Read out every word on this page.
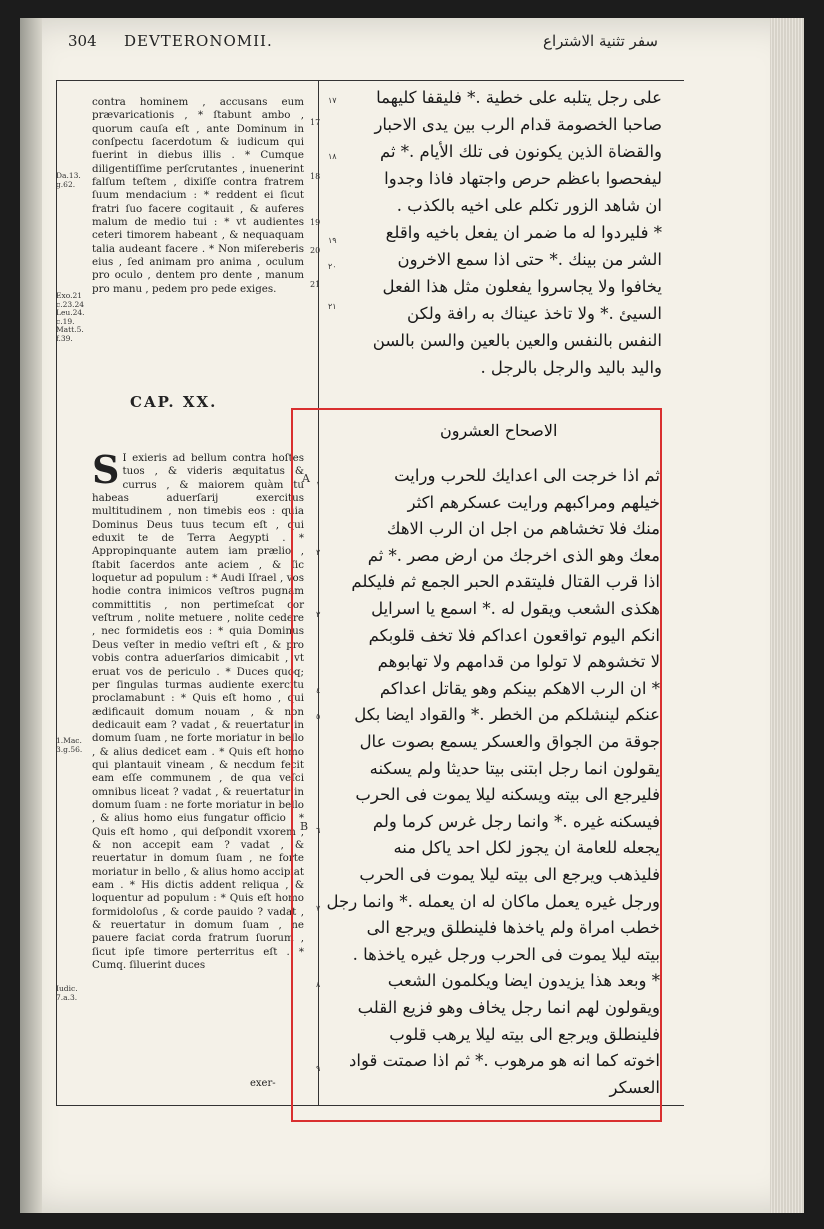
304 DEVTERONOMII.	سفر تثنية الاشتراع

contra hominem , accusans eum prævaricationis , * ſtabunt ambo , quorum cauſa eſt , ante Dominum in conſpectu ſacerdotum & iudicum qui fuerint in diebus illis . * Cumque diligentiſſime perſcrutantes , inuenerint falſum teſtem , dixiſſe contra fratrem ſuum mendacium : * reddent ei ſicut fratri ſuo facere cogitauit , & auferes malum de medio tui : * vt audientes ceteri timorem habeant , & nequaquam talia audeant facere . * Non miſereberis eius , ſed animam pro anima , oculum pro oculo , dentem pro dente , manum pro manu , pedem pro pede exiges.

CAP. XX.
S I exieris ad bellum contra hoſtes tuos , & videris æquitatus & currus , & maiorem quàm tu habeas aduerſarij exercitus multitudinem , non timebis eos : quia Dominus Deus tuus tecum eſt , qui eduxit te de Terra Aegypti . * Appropinquante autem iam prælio , ſtabit ſacerdos ante aciem , & ſic loquetur ad populum : * Audi Iſrael , vos hodie contra inimicos veſtros pugnam committitis , non pertimeſcat cor veſtrum , nolite metuere , nolite cedere , nec formidetis eos : * quia Dominus Deus veſter in medio veſtri eſt , & pro vobis contra aduerſarios dimicabit , vt eruat vos de periculo . * Duces quoq; per ſingulas turmas audiente exercitu proclamabunt : * Quis eſt homo , qui ædificauit domum nouam , & non dedicauit eam ? vadat , & reuertatur in domum ſuam , ne forte moriatur in bello , & alius dedicet eam . * Quis eſt homo qui plantauit vineam , & necdum fecit eam eſſe communem , de qua veſci omnibus liceat ? vadat , & reuertatur in domum ſuam : ne forte moriatur in bello , & alius homo eius fungatur officio . * Quis eſt homo , qui deſpondit vxorem , & non accepit eam ? vadat , & reuertatur in domum ſuam , ne forte moriatur in bello , & alius homo accipiat eam . * His dictis addent reliqua , & loquentur ad populum : * Quis eſt homo formidoloſus , & corde pauido ? vadat , & reuertatur in domum ſuam , ne pauere faciat corda fratrum ſuorum , ſicut ipſe timore perterritus eſt . * Cumq. ſiluerint duces
exer-
Da.13. g.62.
Exo.21 c.23.24 Leu.24. c.19. Matt.5. f.39.
1.Mac. 3.g.56.
Iudic. 7.a.3.
17
18
19
20
21
A
B
١٧
١٨
١٩
٢٠
٢١
١
٢
٣
٤
٥
٦
٧
٨
٩
على رجل يتلبه على خطية .* فليقفا كليهما
صاحبا الخصومة قدام الرب بين يدى الاحبار
والقضاة الذين يكونون فى تلك الأيام .* ثم
ليفحصوا باعظم حرص واجتهاد فاذا وجدوا
ان شاهد الزور تكلم على اخيه بالكذب .
* فليردوا له ما ضمر ان يفعل باخيه واقلع
الشر من بينك .* حتى اذا سمع الاخرون
يخافوا ولا يجاسروا يفعلون مثل هذا الفعل
السيئ .* ولا تاخذ عيناك به رافة ولكن
النفس بالنفس والعين بالعين والسن بالسن
واليد باليد والرجل بالرجل .
الاصحاح العشرون
ثم اذا خرجت الى اعدايك للحرب ورايت
خيلهم ومراكبهم ورايت عسكرهم اكثر
منك فلا تخشاهم من اجل ان الرب الاهك
معك وهو الذى اخرجك من ارض مصر .* ثم
اذا قرب القتال فليتقدم الحبر الجمع ثم فليكلم
هكذى الشعب ويقول له .* اسمع يا اسرايل
انكم اليوم تواقعون اعداكم فلا تخف قلوبكم
لا تخشوهم لا تولوا من قدامهم ولا تهابوهم
* ان الرب الاهكم بينكم وهو يقاتل اعداكم
عنكم لينشلكم من الخطر .* والقواد ايضا بكل
جوقة من الجواق والعسكر يسمع بصوت عال
يقولون انما رجل ابتنى بيتا حديثا ولم يسكنه
فليرجع الى بيته ويسكنه ليلا يموت فى الحرب
فيسكنه غيره .* وانما رجل غرس كرما ولم
يجعله للعامة ان يجوز لكل احد ياكل منه
فليذهب ويرجع الى بيته ليلا يموت فى الحرب
ورجل غيره يعمل ماكان له ان يعمله .* وانما رجل
خطب امراة ولم ياخذها فلينطلق ويرجع الى
بيته ليلا يموت فى الحرب ورجل غيره ياخذها .
* وبعد هذا يزيدون ايضا ويكلمون الشعب
ويقولون لهم انما رجل يخاف وهو فزيع القلب
فلينطلق ويرجع الى بيته ليلا يرهب قلوب
اخوته كما انه هو مرهوب .* ثم اذا صمتت قواد
العسكر
